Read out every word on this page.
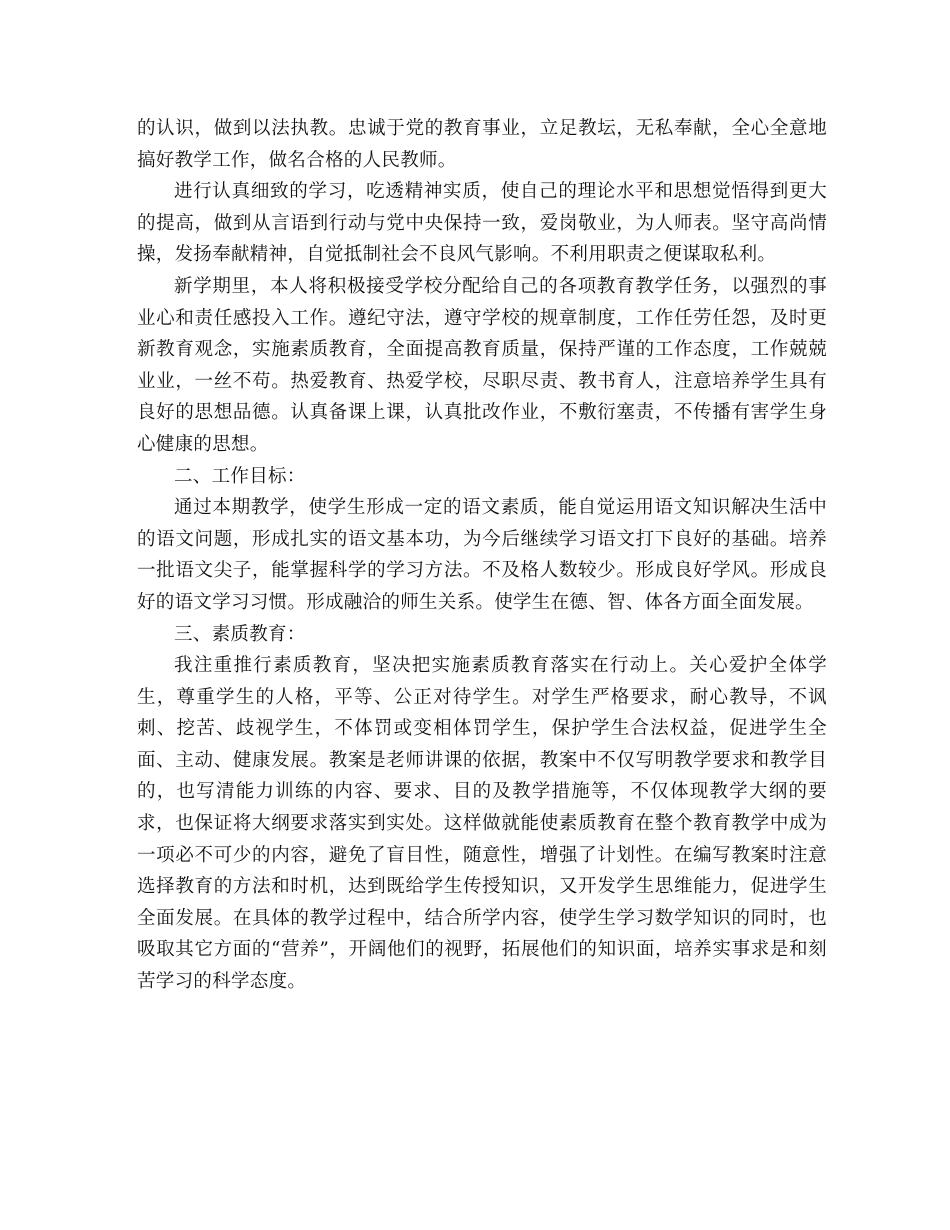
的认识，做到以法执教。忠诚于党的教育事业，立足教坛，无私奉献，全心全意地搞好教学工作，做名合格的人民教师。

进行认真细致的学习，吃透精神实质，使自己的理论水平和思想觉悟得到更大的提高，做到从言语到行动与党中央保持一致，爱岗敬业，为人师表。坚守高尚情操，发扬奉献精神，自觉抵制社会不良风气影响。不利用职责之便谋取私利。

新学期里，本人将积极接受学校分配给自己的各项教育教学任务，以强烈的事业心和责任感投入工作。遵纪守法，遵守学校的规章制度，工作任劳任怨，及时更新教育观念，实施素质教育，全面提高教育质量，保持严谨的工作态度，工作兢兢业业，一丝不苟。热爱教育、热爱学校，尽职尽责、教书育人，注意培养学生具有良好的思想品德。认真备课上课，认真批改作业，不敷衍塞责，不传播有害学生身心健康的思想。

二、工作目标：

通过本期教学，使学生形成一定的语文素质，能自觉运用语文知识解决生活中的语文问题，形成扎实的语文基本功，为今后继续学习语文打下良好的基础。培养一批语文尖子，能掌握科学的学习方法。不及格人数较少。形成良好学风。形成良好的语文学习习惯。形成融洽的师生关系。使学生在德、智、体各方面全面发展。

三、素质教育：

我注重推行素质教育，坚决把实施素质教育落实在行动上。关心爱护全体学生，尊重学生的人格，平等、公正对待学生。对学生严格要求，耐心教导，不讽刺、挖苦、歧视学生，不体罚或变相体罚学生，保护学生合法权益，促进学生全面、主动、健康发展。教案是老师讲课的依据，教案中不仅写明教学要求和教学目的，也写清能力训练的内容、要求、目的及教学措施等，不仅体现教学大纲的要求，也保证将大纲要求落实到实处。这样做就能使素质教育在整个教育教学中成为一项必不可少的内容，避免了盲目性，随意性，增强了计划性。在编写教案时注意选择教育的方法和时机，达到既给学生传授知识，又开发学生思维能力，促进学生全面发展。在具体的教学过程中，结合所学内容，使学生学习数学知识的同时，也吸取其它方面的“营养”，开阔他们的视野，拓展他们的知识面，培养实事求是和刻苦学习的科学态度。
